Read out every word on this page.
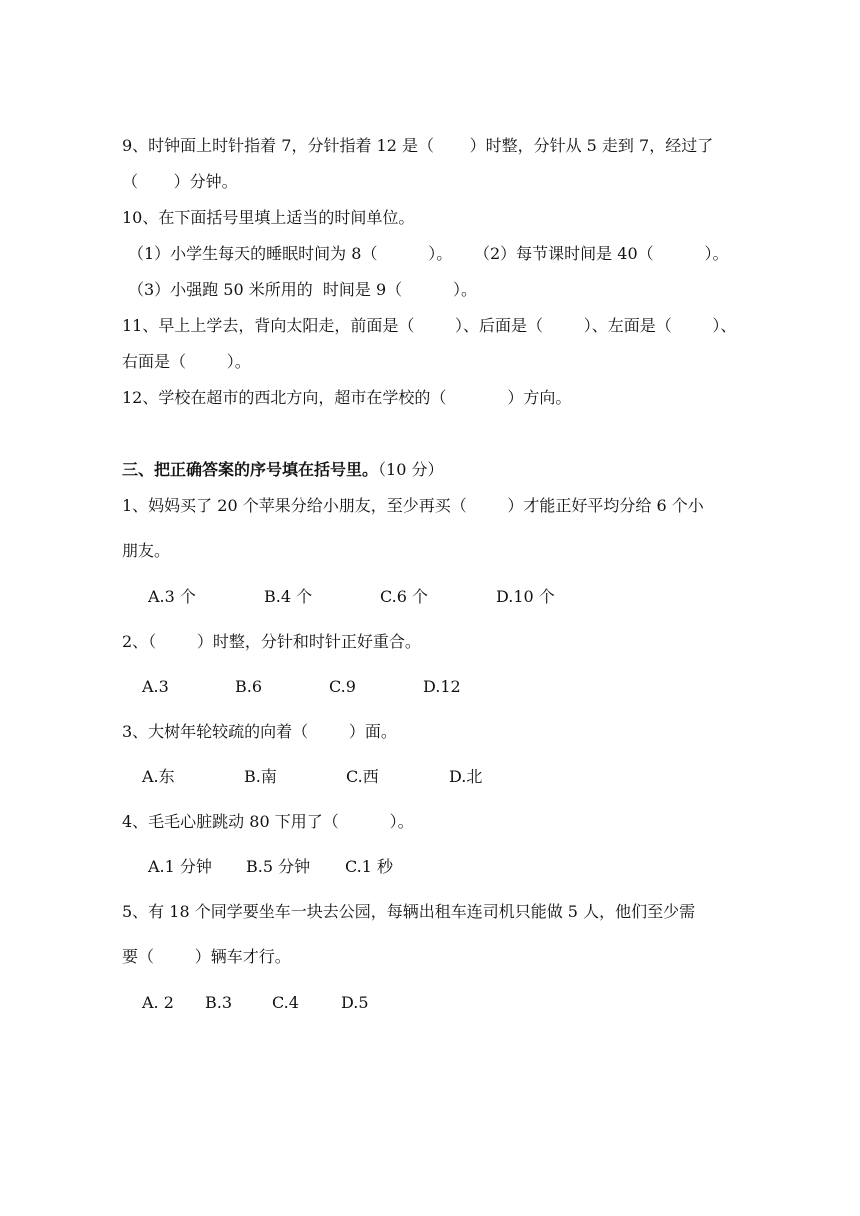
9、时钟面上时针指着 7，分针指着 12 是（       ）时整，分针从 5 走到 7，经过了
（       ）分钟。
10、在下面括号里填上适当的时间单位。
（1）小学生每天的睡眠时间为 8（          ）。 （2）每节课时间是 40（          ）。
（3）小强跑 50 米所用的  时间是 9（          ）。
11、早上上学去，背向太阳走，前面是（        ）、后面是（        ）、左面是（        ）、
右面是（        ）。
12、学校在超市的西北方向，超市在学校的（            ）方向。
三、把正确答案的序号填在括号里。（10 分）
1、妈妈买了 20 个苹果分给小朋友，至少再买（        ）才能正好平均分给 6 个小
朋友。
A.3 个	B.4 个	C.6 个	D.10 个
2、（        ）时整，分针和时针正好重合。
A.3	B.6	C.9	D.12
3、大树年轮较疏的向着（        ）面。
A.东	B.南	C.西	D.北
4、毛毛心脏跳动 80 下用了（          ）。
A.1 分钟 B.5 分钟 C.1 秒
5、有 18 个同学要坐车一块去公园，每辆出租车连司机只能做 5 人，他们至少需
要（        ）辆车才行。
A. 2 B.3 C.4	D.5
